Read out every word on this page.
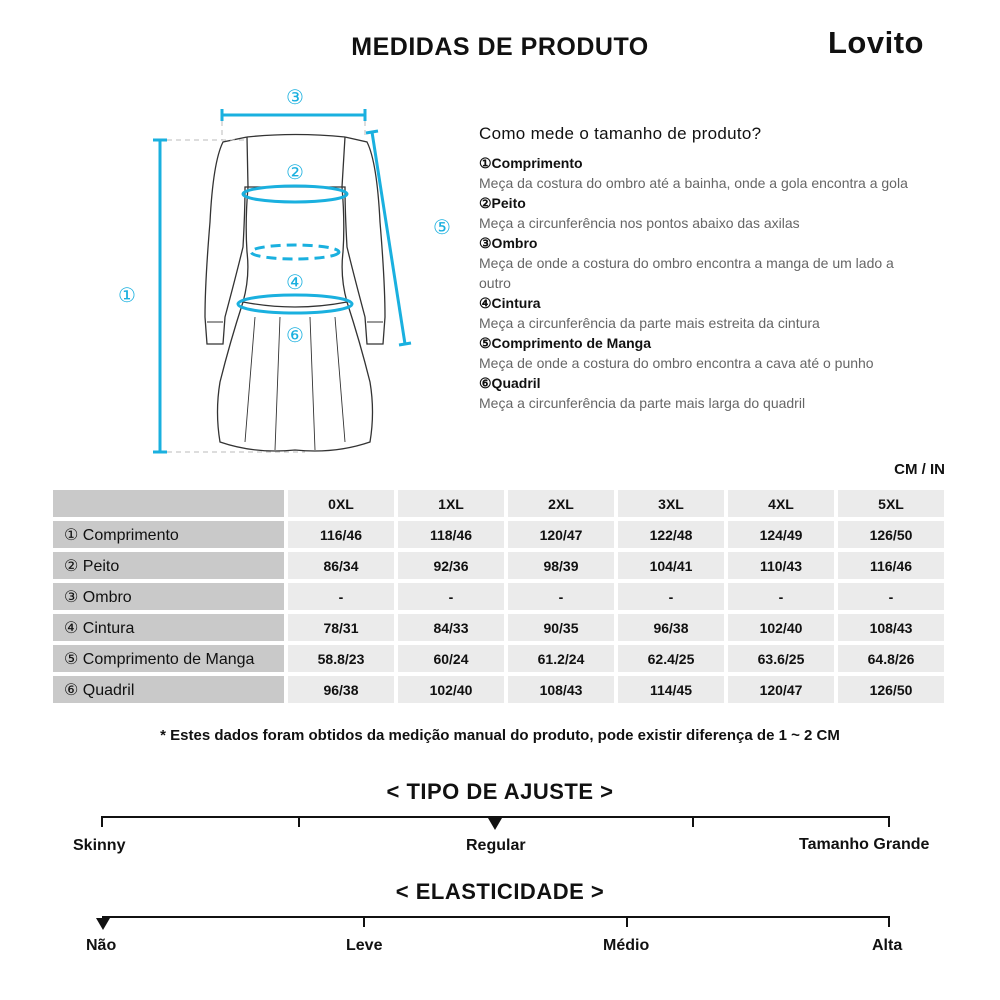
MEDIDAS DE PRODUTO	Lovito
①
②
③
④
⑤
⑥
Como mede o tamanho de produto?
①Comprimento
Meça da costura do ombro até a bainha, onde a gola encontra a gola
②Peito
Meça a circunferência nos pontos abaixo das axilas
③Ombro
Meça de onde a costura do ombro encontra a manga de um lado a outro
④Cintura
Meça a circunferência da parte mais estreita da cintura
⑤Comprimento de Manga
Meça de onde a costura do ombro encontra a cava até o punho
⑥Quadril
Meça a circunferência da parte mais larga do quadril
CM / IN
0XL	1XL	2XL	3XL	4XL	5XL
① Comprimento	116/46	118/46	120/47	122/48	124/49	126/50
② Peito	86/34	92/36	98/39	104/41	110/43	116/46
③ Ombro	-	-	-	-	-	-
④ Cintura	78/31	84/33	90/35	96/38	102/40	108/43
⑤ Comprimento de Manga	58.8/23	60/24	61.2/24	62.4/25	63.6/25	64.8/26
⑥ Quadril	96/38	102/40	108/43	114/45	120/47	126/50
* Estes dados foram obtidos da medição manual do produto, pode existir diferença de 1 ~ 2 CM
< TIPO DE AJUSTE >
Skinny	Regular	Tamanho Grande
< ELASTICIDADE >
Não	Leve	Médio	Alta
